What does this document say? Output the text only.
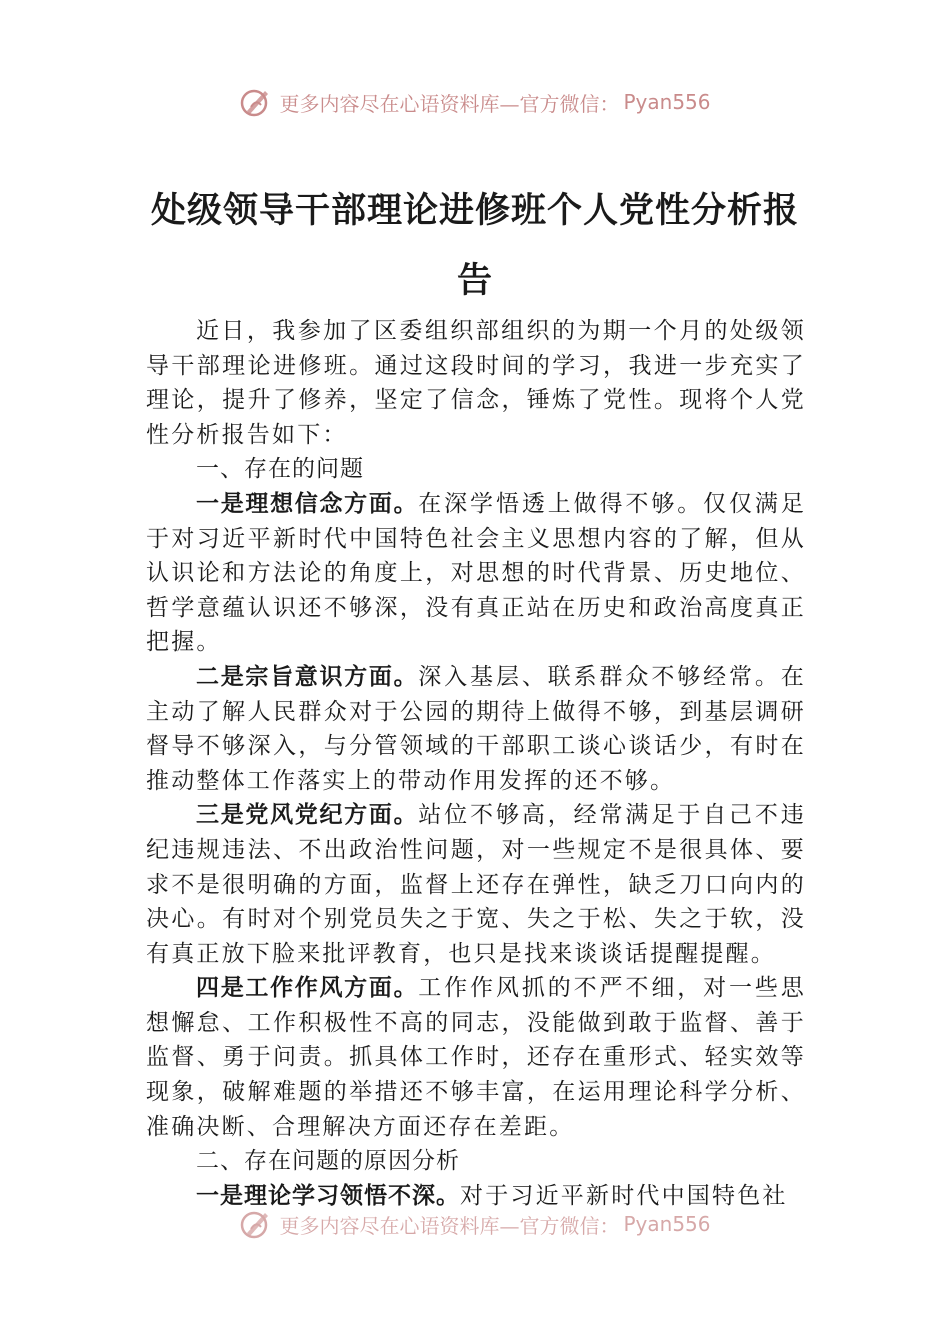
更多内容尽在心语资料库—官方微信： Pyan556
处级领导干部理论进修班个人党性分析报告

近日，我参加了区委组织部组织的为期一个月的处级领导干部理论进修班。通过这段时间的学习，我进一步充实了理论，提升了修养，坚定了信念，锤炼了党性。现将个人党性分析报告如下：

一、存在的问题

一是理想信念方面。在深学悟透上做得不够。仅仅满足于对习近平新时代中国特色社会主义思想内容的了解，但从认识论和方法论的角度上，对思想的时代背景、历史地位、哲学意蕴认识还不够深，没有真正站在历史和政治高度真正把握。

二是宗旨意识方面。深入基层、联系群众不够经常。在主动了解人民群众对于公园的期待上做得不够，到基层调研督导不够深入，与分管领域的干部职工谈心谈话少，有时在推动整体工作落实上的带动作用发挥的还不够。

三是党风党纪方面。站位不够高，经常满足于自己不违纪违规违法、不出政治性问题，对一些规定不是很具体、要求不是很明确的方面，监督上还存在弹性，缺乏刀口向内的决心。有时对个别党员失之于宽、失之于松、失之于软，没有真正放下脸来批评教育，也只是找来谈谈话提醒提醒。

四是工作作风方面。工作作风抓的不严不细，对一些思想懈怠、工作积极性不高的同志，没能做到敢于监督、善于监督、勇于问责。抓具体工作时，还存在重形式、轻实效等现象，破解难题的举措还不够丰富，在运用理论科学分析、准确决断、合理解决方面还存在差距。

二、存在问题的原因分析

一是理论学习领悟不深。对于习近平新时代中国特色社

更多内容尽在心语资料库—官方微信： Pyan556
